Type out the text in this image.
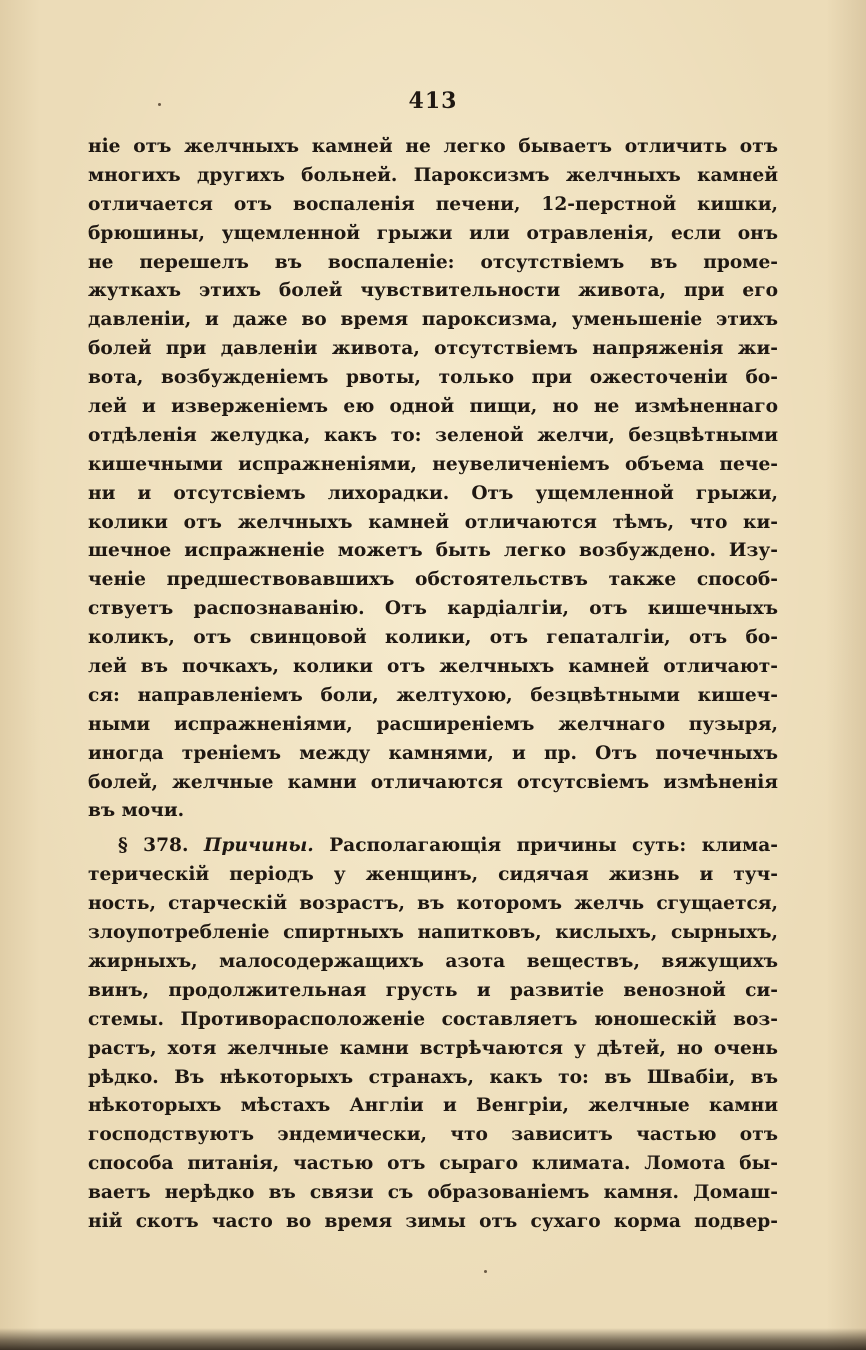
413
ніе отъ желчныхъ камней не легко бываетъ отличить отъ
многихъ другихъ больней. Пароксизмъ желчныхъ камней
отличается отъ воспаленія печени, 12-перстной кишки,
брюшины, ущемленной грыжи или отравленія, если онъ
не перешелъ въ воспаленіе: отсутствіемъ въ проме-
жуткахъ этихъ болей чувствительности живота, при его
давленіи, и даже во время пароксизма, уменьшеніе этихъ
болей при давленіи живота, отсутствіемъ напряженія жи-
вота, возбужденіемъ рвоты, только при ожесточеніи бо-
лей и изверженіемъ ею одной пищи, но не измѣненнаго
отдѣленія желудка, какъ то: зеленой желчи, безцвѣтными
кишечными испражненіями, неувеличеніемъ объема пече-
ни и отсутсвіемъ лихорадки. Отъ ущемленной грыжи,
колики отъ желчныхъ камней отличаются тѣмъ, что ки-
шечное испражненіе можетъ быть легко возбуждено. Изу-
ченіе предшествовавшихъ обстоятельствъ также способ-
ствуетъ распознаванію. Отъ кардіалгіи, отъ кишечныхъ
коликъ, отъ свинцовой колики, отъ гепаталгіи, отъ бо-
лей въ почкахъ, колики отъ желчныхъ камней отличают-
ся: направленіемъ боли, желтухою, безцвѣтными кишеч-
ными испражненіями, расширеніемъ желчнаго пузыря,
иногда треніемъ между камнями, и пр. Отъ почечныхъ
болей, желчные камни отличаются отсутсвіемъ измѣненія
въ мочи.
§ 378. Причины. Располагающія причины суть: клима-
терическій періодъ у женщинъ, сидячая жизнь и туч-
ность, старческій возрастъ, въ которомъ желчь сгущается,
злоупотребленіе спиртныхъ напитковъ, кислыхъ, сырныхъ,
жирныхъ, малосодержащихъ азота веществъ, вяжущихъ
винъ, продолжительная грусть и развитіе венозной си-
стемы. Противорасположеніе составляетъ юношескій воз-
растъ, хотя желчные камни встрѣчаются у дѣтей, но очень
рѣдко. Въ нѣкоторыхъ странахъ, какъ то: въ Швабіи, въ
нѣкоторыхъ мѣстахъ Англіи и Венгріи, желчные камни
господствуютъ эндемически, что зависитъ частью отъ
способа питанія, частью отъ сыраго климата. Ломота бы-
ваетъ нерѣдко въ связи съ образованіемъ камня. Домаш-
ній скотъ часто во время зимы отъ сухаго корма подвер-
